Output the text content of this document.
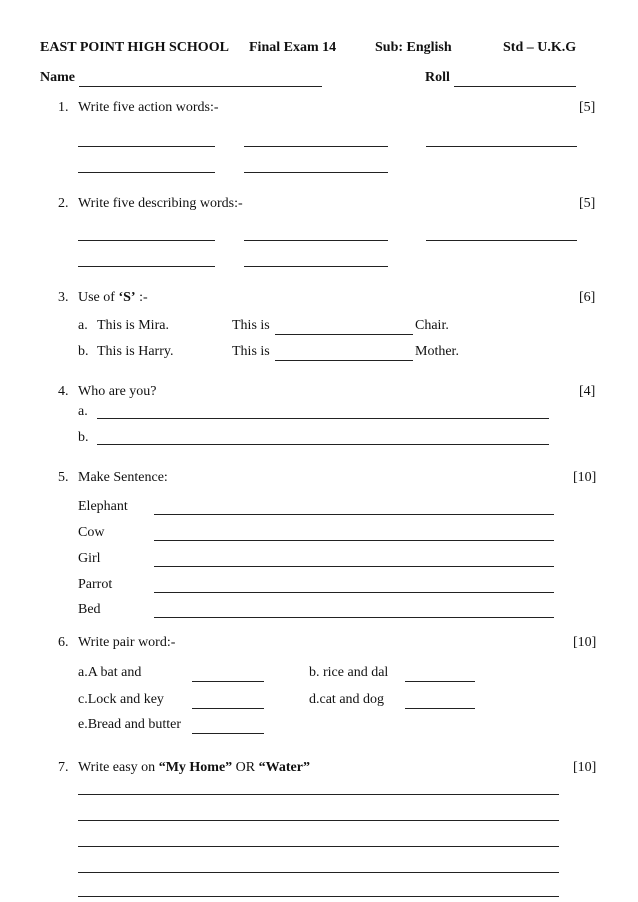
EAST POINT HIGH SCHOOL Final Exam 14	Sub: English	Std – U.K.G
Name	Roll
1. Write five action words:-	[5]
2. Write five describing words:-	[5]
3. Use of ‘S’ :-	[6]
a. This is Mira.	This is	Chair.
b. This is Harry.	This is	Mother.
4. Who are you?	[4]
a.
b.
5. Make Sentence:	[10]
Elephant
Cow
Girl
Parrot
Bed
6. Write pair word:-	[10]
a.A bat and	b. rice and dal
c.Lock and key	d.cat and dog
e.Bread and butter
7. Write easy on “My Home” OR “Water”	[10]
